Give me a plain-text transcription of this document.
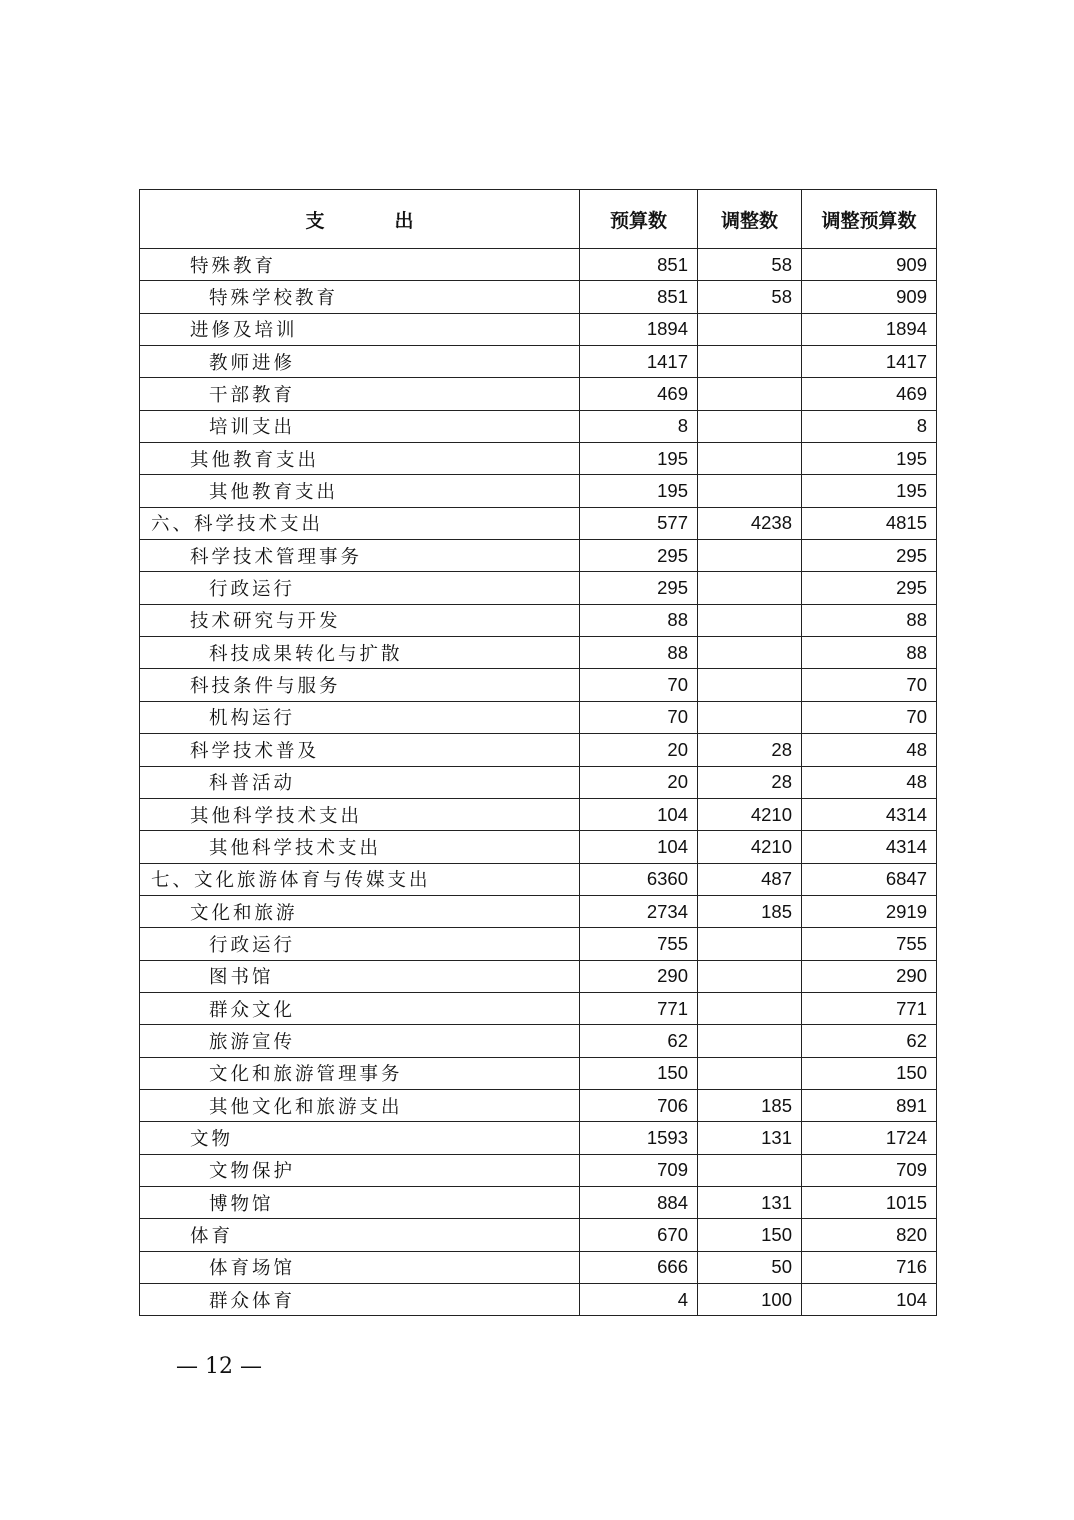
支 出	预算数	调整数	调整预算数
特殊教育	851	58	909
特殊学校教育	851	58	909
进修及培训	1894		1894
教师进修	1417		1417
干部教育	469		469
培训支出	8		8
其他教育支出	195		195
其他教育支出	195		195
六、科学技术支出	577	4238	4815
科学技术管理事务	295		295
行政运行	295		295
技术研究与开发	88		88
科技成果转化与扩散	88		88
科技条件与服务	70		70
机构运行	70		70
科学技术普及	20	28	48
科普活动	20	28	48
其他科学技术支出	104	4210	4314
其他科学技术支出	104	4210	4314
七、文化旅游体育与传媒支出	6360	487	6847
文化和旅游	2734	185	2919
行政运行	755		755
图书馆	290		290
群众文化	771		771
旅游宣传	62		62
文化和旅游管理事务	150		150
其他文化和旅游支出	706	185	891
文物	1593	131	1724
文物保护	709		709
博物馆	884	131	1015
体育	670	150	820
体育场馆	666	50	716
群众体育	4	100	104
— 12 —
